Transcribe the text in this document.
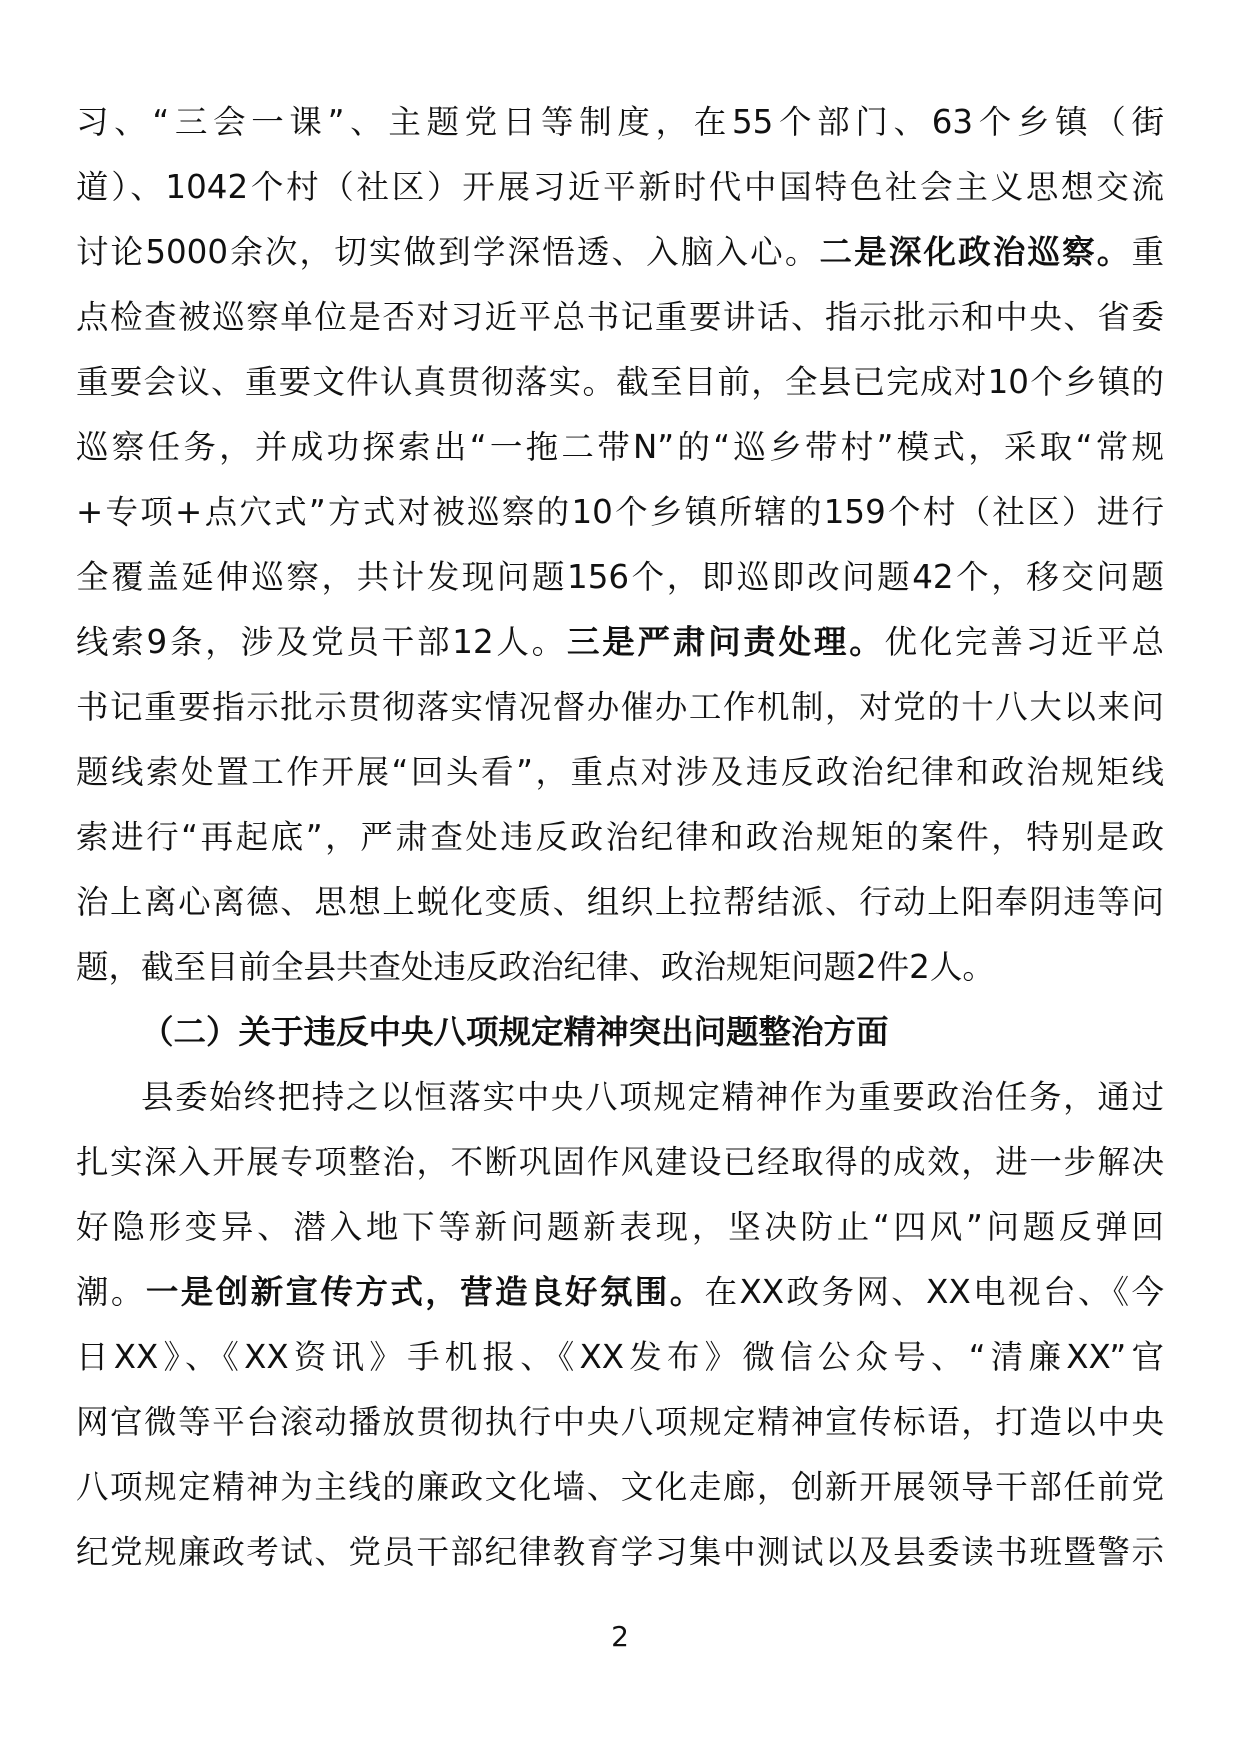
习、“三会一课”、主题党日等制度，在55个部门、63个乡镇（街
道）、1042个村（社区）开展习近平新时代中国特色社会主义思想交流
讨论5000余次，切实做到学深悟透、入脑入心。二是深化政治巡察。重
点检查被巡察单位是否对习近平总书记重要讲话、指示批示和中央、省委
重要会议、重要文件认真贯彻落实。截至目前，全县已完成对10个乡镇的
巡察任务，并成功探索出“一拖二带N”的“巡乡带村”模式，采取“常规
+专项+点穴式”方式对被巡察的10个乡镇所辖的159个村（社区）进行
全覆盖延伸巡察，共计发现问题156个，即巡即改问题42个，移交问题
线索9条，涉及党员干部12人。三是严肃问责处理。优化完善习近平总
书记重要指示批示贯彻落实情况督办催办工作机制，对党的十八大以来问
题线索处置工作开展“回头看”，重点对涉及违反政治纪律和政治规矩线
索进行“再起底”，严肃查处违反政治纪律和政治规矩的案件，特别是政
治上离心离德、思想上蜕化变质、组织上拉帮结派、行动上阳奉阴违等问
题，截至目前全县共查处违反政治纪律、政治规矩问题2件2人。
（二）关于违反中央八项规定精神突出问题整治方面
县委始终把持之以恒落实中央八项规定精神作为重要政治任务，通过
扎实深入开展专项整治，不断巩固作风建设已经取得的成效，进一步解决
好隐形变异、潜入地下等新问题新表现，坚决防止“四风”问题反弹回
潮。一是创新宣传方式，营造良好氛围。在XX政务网、XX电视台、《今
日XX》、《XX资讯》手机报、《XX发布》微信公众号、“清廉XX”官
网官微等平台滚动播放贯彻执行中央八项规定精神宣传标语，打造以中央
八项规定精神为主线的廉政文化墙、文化走廊，创新开展领导干部任前党
纪党规廉政考试、党员干部纪律教育学习集中测试以及县委读书班暨警示
2
